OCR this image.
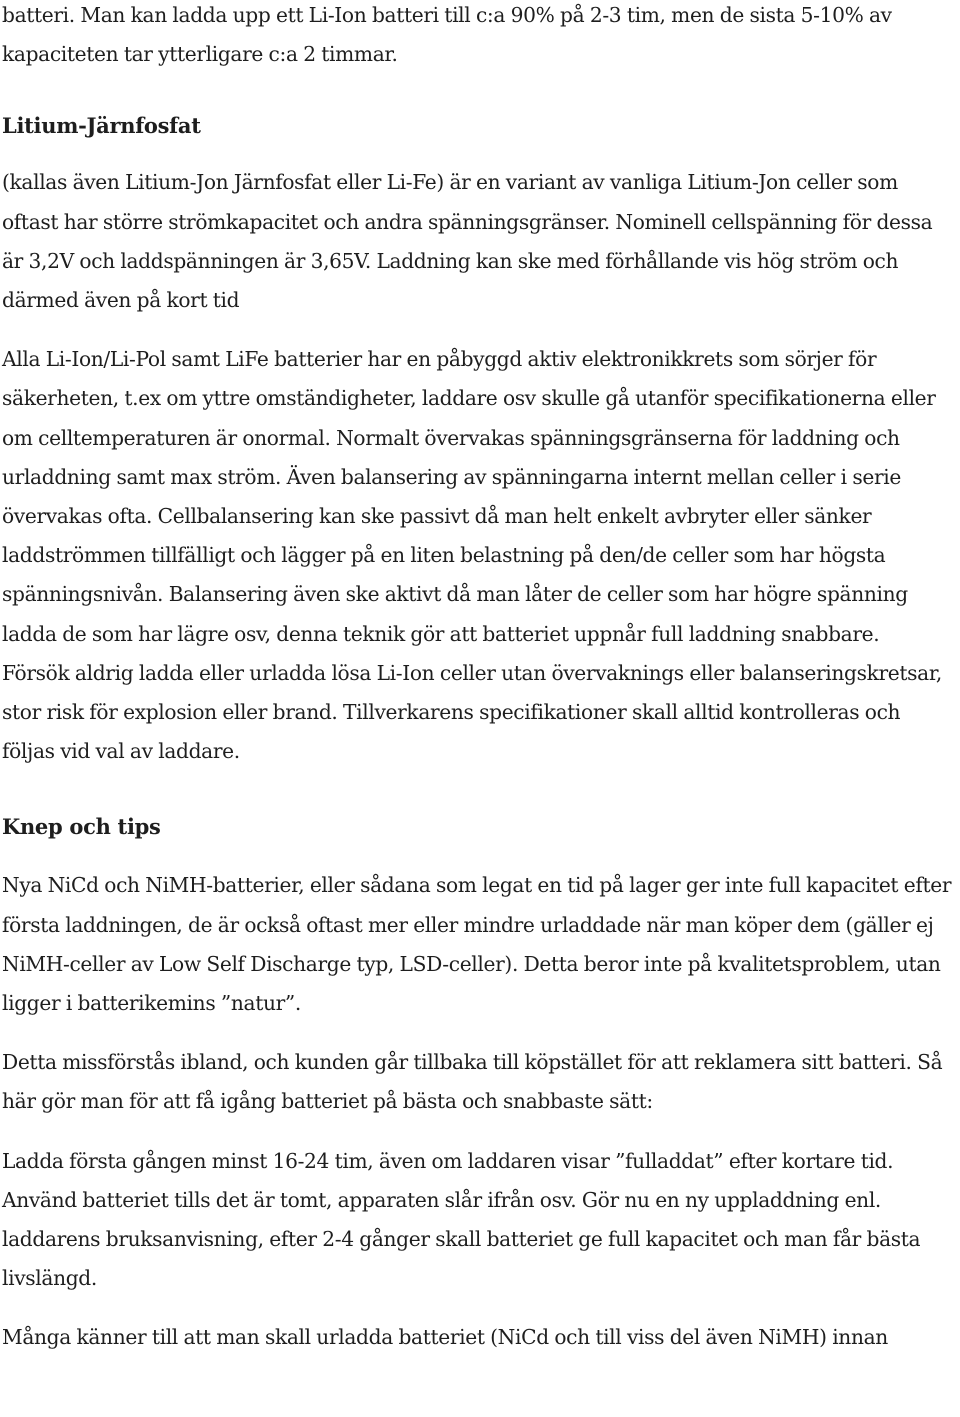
batteri. Man kan ladda upp ett Li-Ion batteri till c:a 90% på 2-3 tim, men de sista 5-10% av kapaciteten tar ytterligare c:a 2 timmar.

Litium-Järnfosfat

(kallas även Litium-Jon Järnfosfat eller Li-Fe) är en variant av vanliga Litium-Jon celler som oftast har större strömkapacitet och andra spänningsgränser. Nominell cellspänning för dessa är 3,2V och laddspänningen är 3,65V. Laddning kan ske med förhållande vis hög ström och därmed även på kort tid

Alla Li-Ion/Li-Pol samt LiFe batterier har en påbyggd aktiv elektronikkrets som sörjer för säkerheten, t.ex om yttre omständigheter, laddare osv skulle gå utanför specifikationerna eller om celltemperaturen är onormal. Normalt övervakas spänningsgränserna för laddning och urladdning samt max ström. Även balansering av spänningarna internt mellan celler i serie övervakas ofta. Cellbalansering kan ske passivt då man helt enkelt avbryter eller sänker laddströmmen tillfälligt och lägger på en liten belastning på den/de celler som har högsta spänningsnivån. Balansering även ske aktivt då man låter de celler som har högre spänning ladda de som har lägre osv, denna teknik gör att batteriet uppnår full laddning snabbare.

Försök aldrig ladda eller urladda lösa Li-Ion celler utan övervaknings eller balanseringskretsar, stor risk för explosion eller brand. Tillverkarens specifikationer skall alltid kontrolleras och följas vid val av laddare.

Knep och tips

Nya NiCd och NiMH-batterier, eller sådana som legat en tid på lager ger inte full kapacitet efter första laddningen, de är också oftast mer eller mindre urladdade när man köper dem (gäller ej NiMH-celler av Low Self Discharge typ, LSD-celler). Detta beror inte på kvalitetsproblem, utan ligger i batterikemins ”natur”.

Detta missförstås ibland, och kunden går tillbaka till köpstället för att reklamera sitt batteri. Så här gör man för att få igång batteriet på bästa och snabbaste sätt:

Ladda första gången minst 16-24 tim, även om laddaren visar ”fulladdat” efter kortare tid. Använd batteriet tills det är tomt, apparaten slår ifrån osv. Gör nu en ny uppladdning enl. laddarens bruksanvisning, efter 2-4 gånger skall batteriet ge full kapacitet och man får bästa livslängd.

Många känner till att man skall urladda batteriet (NiCd och till viss del även NiMH) innan
